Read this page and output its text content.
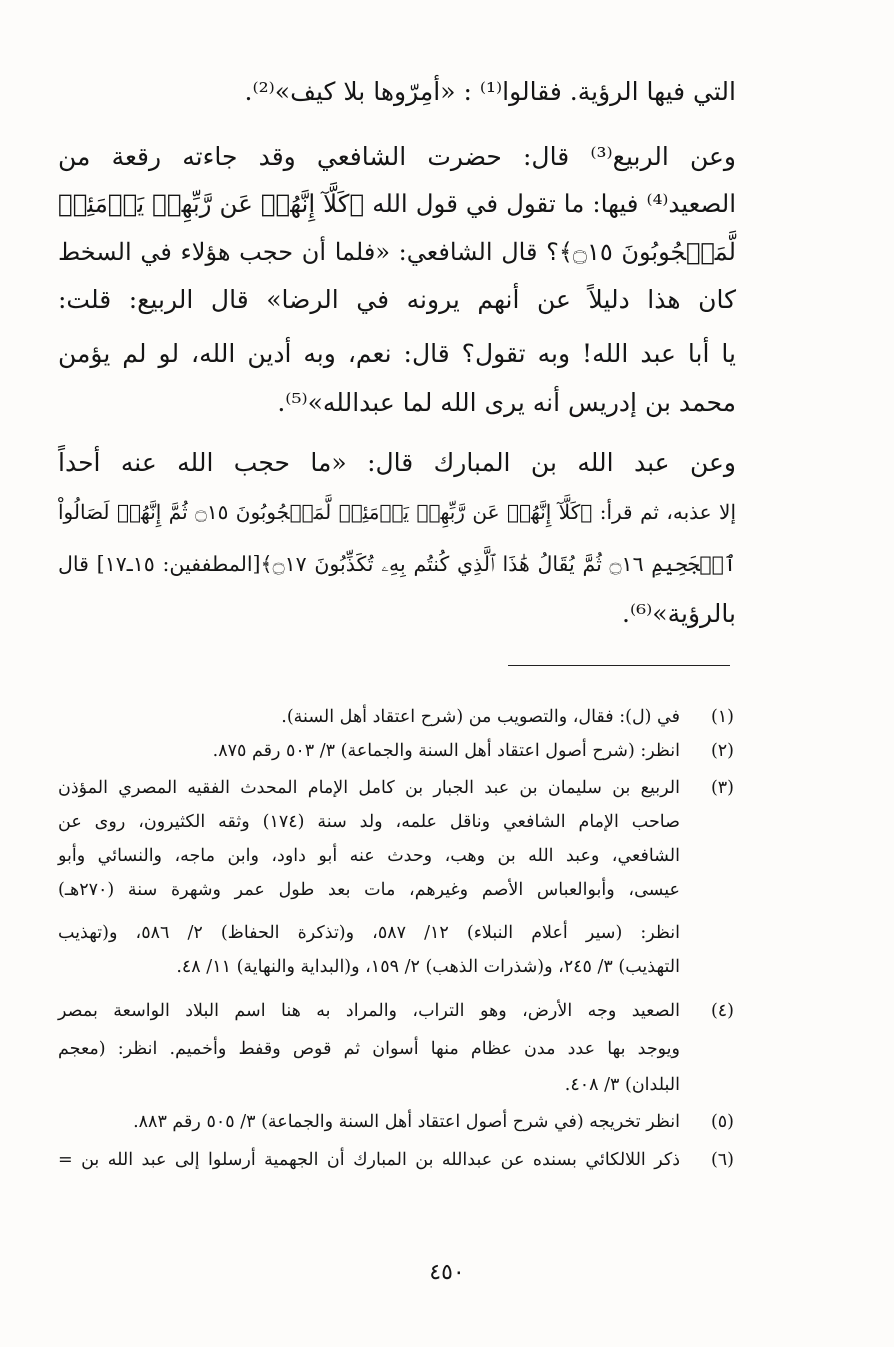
التي فيها الرؤية. فقالوا⁽¹⁾ : «أمِرّوها بلا كيف»⁽²⁾.
وعن الربيع⁽³⁾ قال: حضرت الشافعي وقد جاءته رقعة من
الصعيد⁽⁴⁾ فيها: ما تقول في قول الله ﴿كَلَّآ إِنَّهُمۡ عَن رَّبِّهِمۡ يَوۡمَئِذٖ
لَّمَحۡجُوبُونَ ۝١٥﴾؟ قال الشافعي: «فلما أن حجب هؤلاء في السخط
كان هذا دليلاً عن أنهم يرونه في الرضا» قال الربيع: قلت:
يا أبا عبد الله! وبه تقول؟ قال: نعم، وبه أدين الله، لو لم يؤمن
محمد بن إدريس أنه يرى الله لما عبدالله»⁽⁵⁾.
وعن عبد الله بن المبارك قال: «ما حجب الله عنه أحداً
إلا عذبه، ثم قرأ: ﴿كَلَّآ إِنَّهُمۡ عَن رَّبِّهِمۡ يَوۡمَئِذٖ لَّمَحۡجُوبُونَ ۝١٥ ثُمَّ إِنَّهُمۡ لَصَالُواْ
ٱلۡجَحِيمِ ۝١٦ ثُمَّ يُقَالُ هَٰذَا ٱلَّذِي كُنتُم بِهِۦ تُكَذِّبُونَ ۝١٧﴾[المطففين: ١٥ـ١٧] قال
بالرؤية»⁽⁶⁾.
(١)
في (ل): فقال، والتصويب من (شرح اعتقاد أهل السنة).
(٢)
انظر: (شرح أصول اعتقاد أهل السنة والجماعة) ٣/ ٥٠٣ رقم ٨٧٥.
(٣)
الربيع بن سليمان بن عبد الجبار بن كامل الإمام المحدث الفقيه المصري المؤذن
صاحب الإمام الشافعي وناقل علمه، ولد سنة (١٧٤) وثقه الكثيرون، روى عن
الشافعي، وعبد الله بن وهب، وحدث عنه أبو داود، وابن ماجه، والنسائي وأبو
عيسى، وأبوالعباس الأصم وغيرهم، مات بعد طول عمر وشهرة سنة (٢٧٠هـ)
انظر: (سير أعلام النبلاء) ١٢/ ٥٨٧، و(تذكرة الحفاظ) ٢/ ٥٨٦، و(تهذيب
التهذيب) ٣/ ٢٤٥، و(شذرات الذهب) ٢/ ١٥٩، و(البداية والنهاية) ١١/ ٤٨.
(٤)
الصعيد وجه الأرض، وهو التراب، والمراد به هنا اسم البلاد الواسعة بمصر
ويوجد بها عدد مدن عظام منها أسوان ثم قوص وقفط وأخميم. انظر: (معجم
البلدان) ٣/ ٤٠٨.
(٥)
انظر تخريجه (في شرح أصول اعتقاد أهل السنة والجماعة) ٣/ ٥٠٥ رقم ٨٨٣.
(٦)
ذكر اللالكائي بسنده عن عبدالله بن المبارك أن الجهمية أرسلوا إلى عبد الله بن =
٤٥٠
